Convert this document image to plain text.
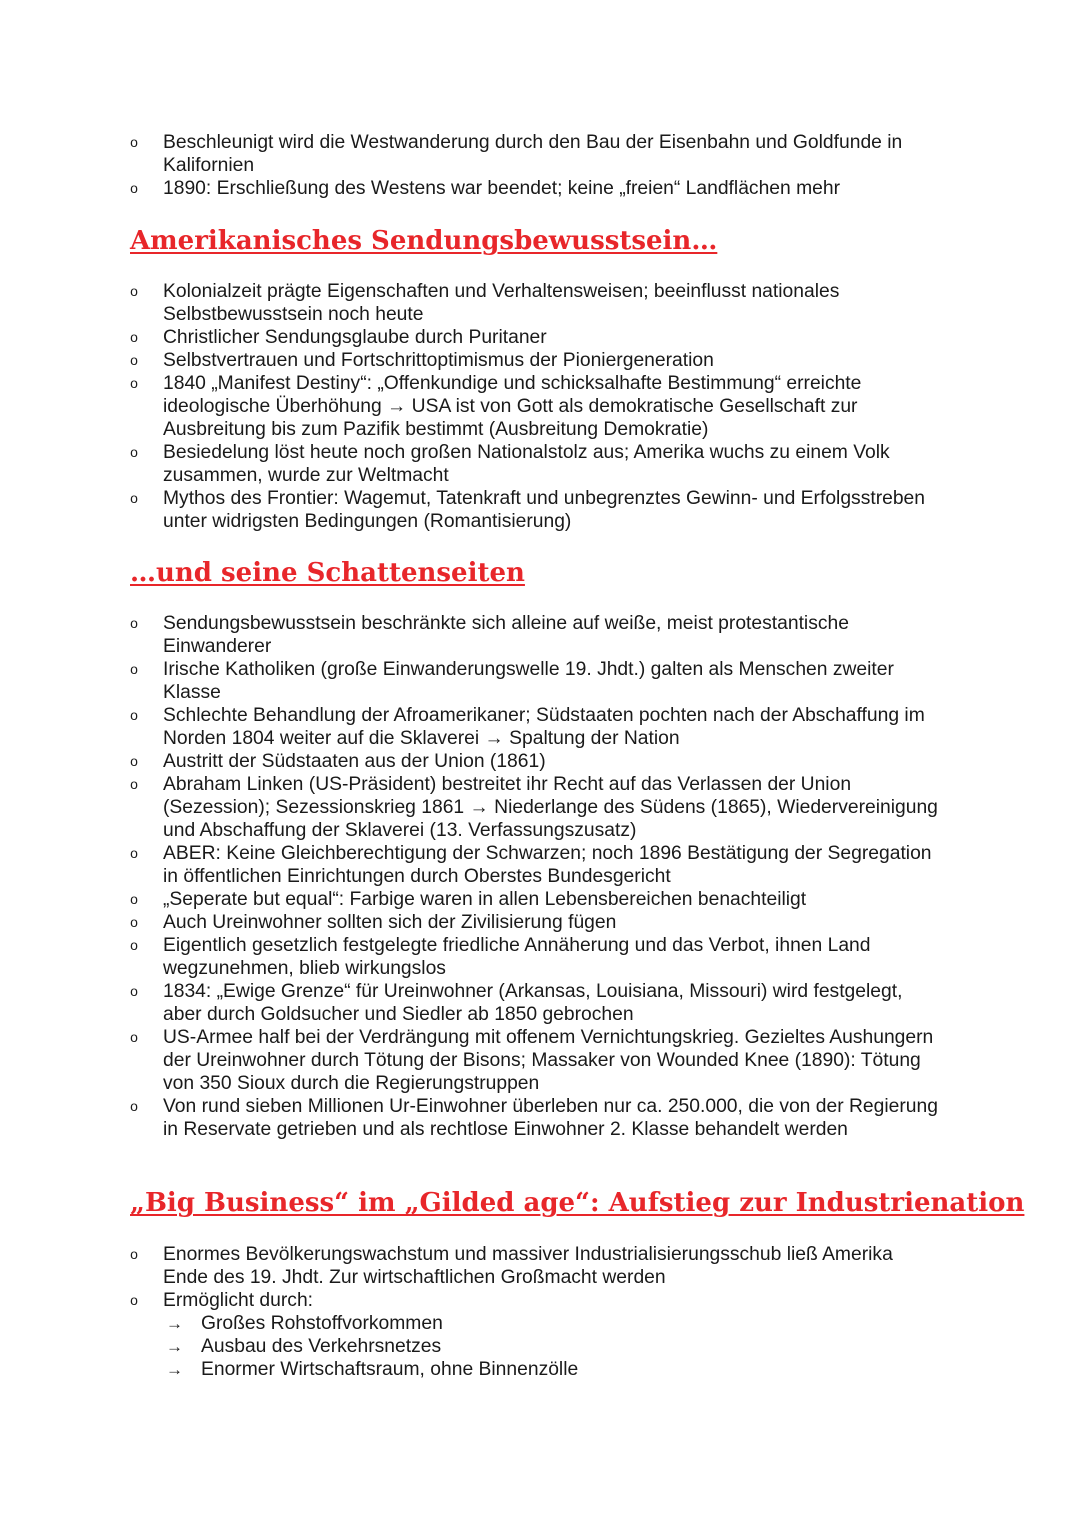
o Beschleunigt wird die Westwanderung durch den Bau der Eisenbahn und Goldfunde in Kalifornien
o 1890: Erschließung des Westens war beendet; keine „freien“ Landflächen mehr
Amerikanisches Sendungsbewusstsein…
o Kolonialzeit prägte Eigenschaften und Verhaltensweisen; beeinflusst nationales Selbstbewusstsein noch heute
o Christlicher Sendungsglaube durch Puritaner
o Selbstvertrauen und Fortschrittoptimismus der Pioniergeneration
o 1840 „Manifest Destiny“: „Offenkundige und schicksalhafte Bestimmung“ erreichte ideologische Überhöhung → USA ist von Gott als demokratische Gesellschaft zur Ausbreitung bis zum Pazifik bestimmt (Ausbreitung Demokratie)
o Besiedelung löst heute noch großen Nationalstolz aus; Amerika wuchs zu einem Volk zusammen, wurde zur Weltmacht
o Mythos des Frontier: Wagemut, Tatenkraft und unbegrenztes Gewinn- und Erfolgsstreben unter widrigsten Bedingungen (Romantisierung)
…und seine Schattenseiten
o Sendungsbewusstsein beschränkte sich alleine auf weiße, meist protestantische Einwanderer
o Irische Katholiken (große Einwanderungswelle 19. Jhdt.) galten als Menschen zweiter Klasse
o Schlechte Behandlung der Afroamerikaner; Südstaaten pochten nach der Abschaffung im Norden 1804 weiter auf die Sklaverei → Spaltung der Nation
o Austritt der Südstaaten aus der Union (1861)
o Abraham Linken (US-Präsident) bestreitet ihr Recht auf das Verlassen der Union (Sezession); Sezessionskrieg 1861 → Niederlange des Südens (1865), Wiedervereinigung und Abschaffung der Sklaverei (13. Verfassungszusatz)
o ABER: Keine Gleichberechtigung der Schwarzen; noch 1896 Bestätigung der Segregation in öffentlichen Einrichtungen durch Oberstes Bundesgericht
o „Seperate but equal“: Farbige waren in allen Lebensbereichen benachteiligt
o Auch Ureinwohner sollten sich der Zivilisierung fügen
o Eigentlich gesetzlich festgelegte friedliche Annäherung und das Verbot, ihnen Land wegzunehmen, blieb wirkungslos
o 1834: „Ewige Grenze“ für Ureinwohner (Arkansas, Louisiana, Missouri) wird festgelegt, aber durch Goldsucher und Siedler ab 1850 gebrochen
o US-Armee half bei der Verdrängung mit offenem Vernichtungskrieg. Gezieltes Aushungern der Ureinwohner durch Tötung der Bisons; Massaker von Wounded Knee (1890): Tötung von 350 Sioux durch die Regierungstruppen
o Von rund sieben Millionen Ur-Einwohner überleben nur ca. 250.000, die von der Regierung in Reservate getrieben und als rechtlose Einwohner 2. Klasse behandelt werden
„Big Business“ im „Gilded age“: Aufstieg zur Industrienation
o Enormes Bevölkerungswachstum und massiver Industrialisierungsschub ließ Amerika Ende des 19. Jhdt. Zur wirtschaftlichen Großmacht werden
o Ermöglicht durch:
→ Großes Rohstoffvorkommen
→ Ausbau des Verkehrsnetzes
→ Enormer Wirtschaftsraum, ohne Binnenzölle
